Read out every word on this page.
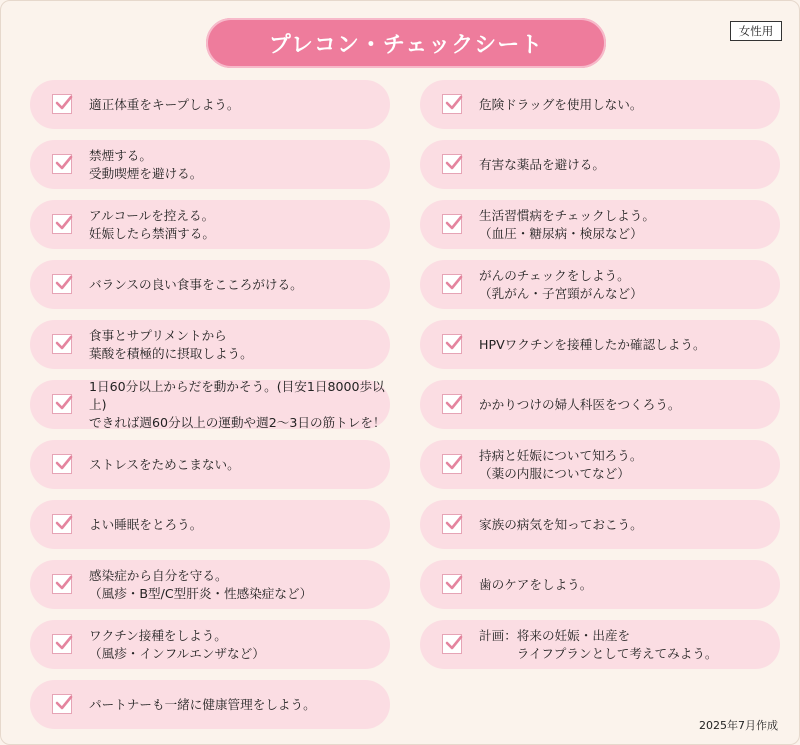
プレコン・チェックシート
女性用
適正体重をキープしよう。
禁煙する。
受動喫煙を避ける。
アルコールを控える。
妊娠したら禁酒する。
バランスの良い食事をこころがける。
食事とサプリメントから
葉酸を積極的に摂取しよう。
1日60分以上からだを動かそう。(目安1日8000歩以上)
できれば週60分以上の運動や週2～3日の筋トレを！
ストレスをためこまない。
よい睡眠をとろう。
感染症から自分を守る。
（風疹・B型/C型肝炎・性感染症など）
ワクチン接種をしよう。
（風疹・インフルエンザなど）
パートナーも一緒に健康管理をしよう。
危険ドラッグを使用しない。
有害な薬品を避ける。
生活習慣病をチェックしよう。
（血圧・糖尿病・検尿など）
がんのチェックをしよう。
（乳がん・子宮頸がんなど）
HPVワクチンを接種したか確認しよう。
かかりつけの婦人科医をつくろう。
持病と妊娠について知ろう。
（薬の内服についてなど）
家族の病気を知っておこう。
歯のケアをしよう。
計画： 将来の妊娠・出産を
ライフプランとして考えてみよう。
2025年7月作成
